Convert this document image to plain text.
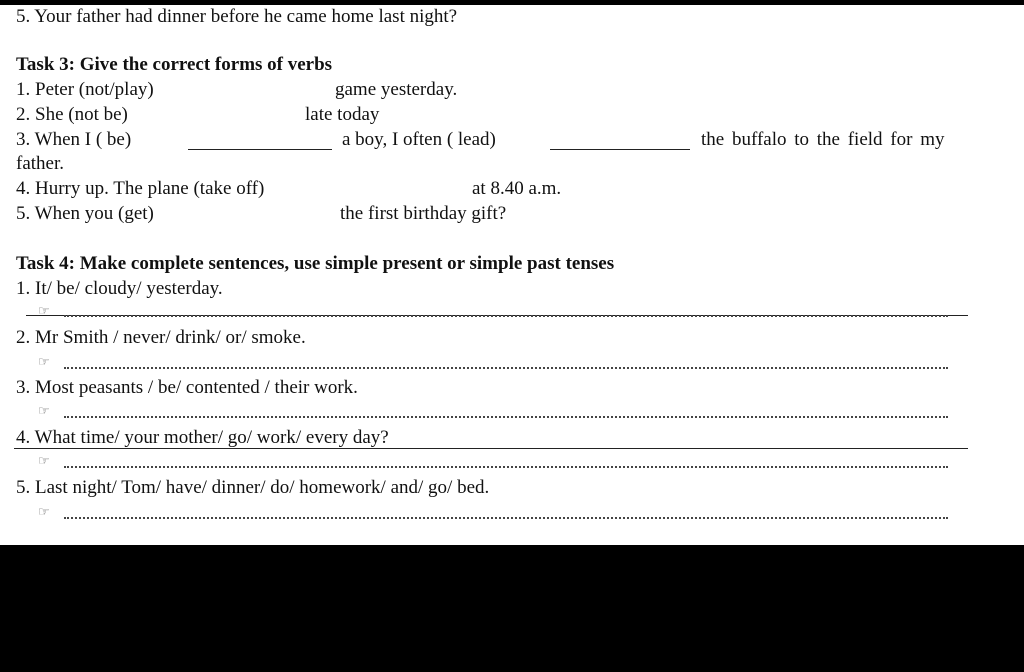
5. Your father had dinner before he came home last night?
Task 3: Give the correct forms of verbs
1. Peter (not/play)	game yesterday.
2. She (not be)	late today
3. When I ( be)	a boy, I often ( lead)	the buffalo to the field for my
father.
4. Hurry up. The plane (take off)	at 8.40 a.m.
5. When you (get)	the first birthday gift?
Task 4: Make complete sentences, use simple present or simple past tenses
1. It/ be/ cloudy/ yesterday.
☞
2. Mr Smith / never/ drink/ or/ smoke.
☞
3. Most peasants / be/ contented / their work.
☞
4. What time/ your mother/ go/ work/ every day?
☞
5. Last night/ Tom/ have/ dinner/ do/ homework/ and/ go/ bed.
☞
